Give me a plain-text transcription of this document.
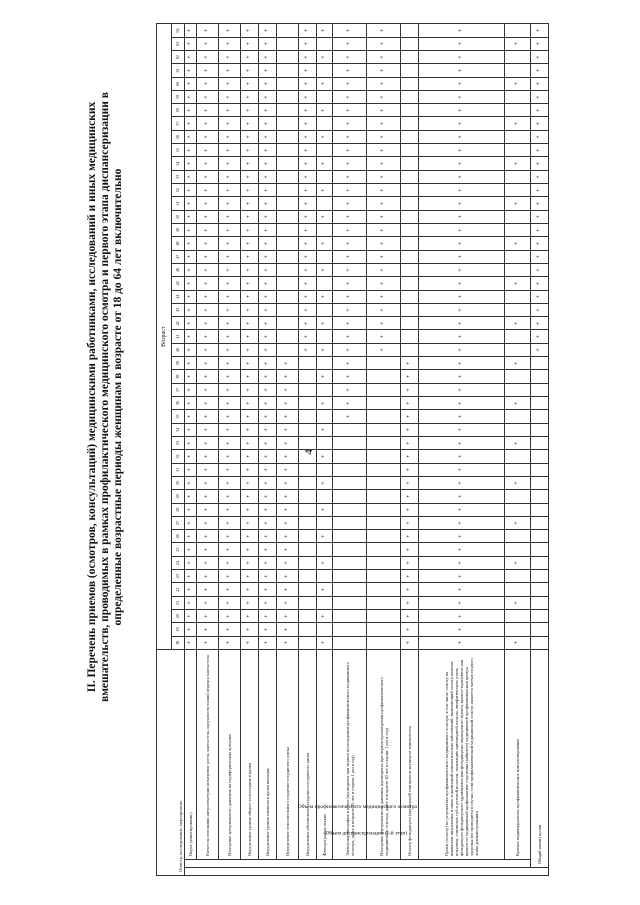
4
II. Перечень приемов (осмотров, консультаций) медицинскими работниками, исследований и иных медицинских вмешательств, проводимых в рамках профилактического медицинского осмотра и первого этапа диспансеризации в определенные возрастные периоды женщинам в возрасте от 18 до 64 лет включительно
Осмотр, исследование, мероприятие			Возраст																																														
			18	19	20	21	22	23	24	25	26	27	28	29	30	31	32	33	34	35	36	37	38	39	40	41	42	43	44	45	46	47	48	49	50	51	52	53	54	55	56	57	58	59	60	61	62	63	64
Объем диспансеризации (I-й этап)	Объем профилактического медицинского осмотра	Опрос (анкетирование)	+	+	+	+	+	+	+	+	+	+	+	+	+	+	+	+	+	+	+	+	+	+	+	+	+	+	+	+	+	+	+	+	+	+	+	+	+	+	+	+	+	+	+	+	+	+	+
		Расчет на основании антропометрии (измерение роста, массы тела, окружности талии) индекса массы тела	+	+	+	+	+	+	+	+	+	+	+	+	+	+	+	+	+	+	+	+	+	+	+	+	+	+	+	+	+	+	+	+	+	+	+	+	+	+	+	+	+	+	+	+	+	+	+
		Измерение артериального давления на периферических артериях	+	+	+	+	+	+	+	+	+	+	+	+	+	+	+	+	+	+	+	+	+	+	+	+	+	+	+	+	+	+	+	+	+	+	+	+	+	+	+	+	+	+	+	+	+	+	+
		Определение уровня общего холестерина в крови	+	+	+	+	+	+	+	+	+	+	+	+	+	+	+	+	+	+	+	+	+	+	+	+	+	+	+	+	+	+	+	+	+	+	+	+	+	+	+	+	+	+	+	+	+	+	+
		Определение уровня глюкозы в крови натощак	+	+	+	+	+	+	+	+	+	+	+	+	+	+	+	+	+	+	+	+	+	+	+	+	+	+	+	+	+	+	+	+	+	+	+	+	+	+	+	+	+	+	+	+	+	+	+
		Определение относительного сердечно-сосудистого риска	+	+	+	+	+	+	+	+	+	+	+	+	+	+	+	+	+	+	+	+	+	+																									
		Определение абсолютного сердечно-сосудистого риска																							+	+	+	+	+	+	+	+	+	+	+	+	+	+	+	+	+	+	+	+	+	+	+	+	+
		Флюорография легких	+		+		+		+		+		+		+		+		+		+		+		+		+		+		+		+		+		+		+		+		+		+		+		+
		Электрокардиография в покое (проводится при первом прохождении профилактического медицинского осмотра, далее в возрасте 35 лет и старше 1 раз в год)																		+	+	+	+	+	+	+	+	+	+	+	+	+	+	+	+	+	+	+	+	+	+	+	+	+	+	+	+	+	+
		Измерение внутриглазного давления (проводится при первом прохождении профилактического медицинского осмотра, далее в возрасте 40 лет и старше 1 раз в год)																							+	+	+	+	+	+	+	+	+	+	+	+	+	+	+	+	+	+	+	+	+	+	+	+	+
		Осмотр фельдшером (акушеркой) или врачом акушером-гинекологом	+	+	+	+	+	+	+	+	+	+	+	+	+	+	+	+	+	+	+	+	+	+																									
		Прием (осмотр) по результатам профилактического медицинского осмотра, в том числе осмотр на выявление визуальных и иных локализаций онкологических заболеваний, включающий осмотр кожных покровов, слизистых губ и ротовой полости, пальпацию щитовидной железы, лимфатических узлов, фельдшером фельдшерского здравпункта или фельдшерско-акушерского пункта, врачом-терапевтом или врачом по медицинской профилактике отделения (кабинета) медицинской профилактики или центра здоровья (не проводится в случае, если профилактический медицинский осмотр является частью первого этапа диспансеризации)	+	+	+	+	+	+	+	+	+	+	+	+	+	+	+	+	+	+	+	+	+	+	+	+	+	+	+	+	+	+	+	+	+	+	+	+	+	+	+	+	+	+	+	+	+	+	+
		Краткое индивидуальное профилактическое консультирование	+			+			+			+			+			+			+			+			+			+			+			+			+			+			+			+	
	Общий анализ крови																								+	+	+	+	+	+	+	+	+	+	+	+	+	+	+	+	+	+	+	+	+	+	+	+	+
